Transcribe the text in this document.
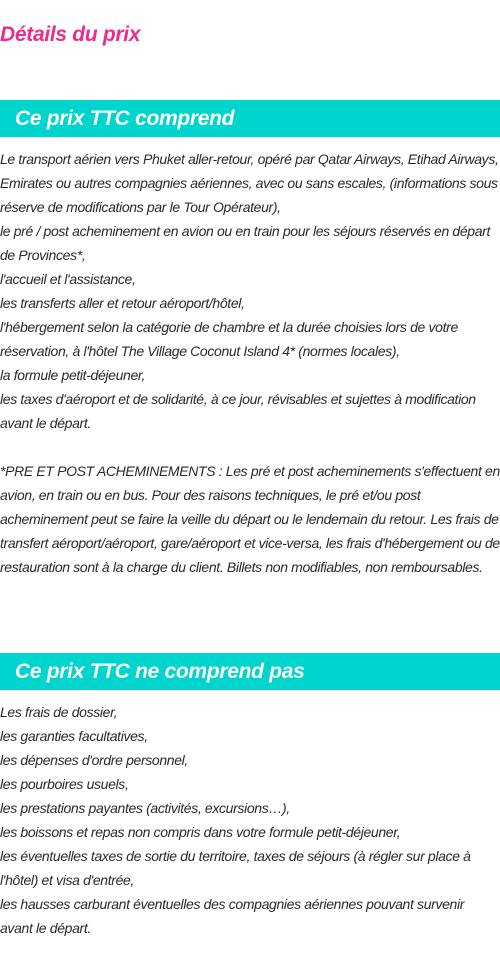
Détails du prix
Ce prix TTC comprend

Le transport aérien vers Phuket aller-retour, opéré par Qatar Airways, Etihad Airways, Emirates ou autres compagnies aériennes, avec ou sans escales, (informations sous réserve de modifications par le Tour Opérateur),

le pré / post acheminement en avion ou en train pour les séjours réservés en départ de Provinces*,

l'accueil et l'assistance,

les transferts aller et retour aéroport/hôtel,

l'hébergement selon la catégorie de chambre et la durée choisies lors de votre réservation, à l'hôtel The Village Coconut Island 4* (normes locales),

la formule petit-déjeuner,

les taxes d'aéroport et de solidarité, à ce jour, révisables et sujettes à modification avant le départ.

*PRE ET POST ACHEMINEMENTS : Les pré et post acheminements s'effectuent en avion, en train ou en bus. Pour des raisons techniques, le pré et/ou post acheminement peut se faire la veille du départ ou le lendemain du retour. Les frais de transfert aéroport/aéroport, gare/aéroport et vice-versa, les frais d'hébergement ou de restauration sont à la charge du client. Billets non modifiables, non remboursables.

Ce prix TTC ne comprend pas

Les frais de dossier,

les garanties facultatives,

les dépenses d'ordre personnel,

les pourboires usuels,

les prestations payantes (activités, excursions…),

les boissons et repas non compris dans votre formule petit-déjeuner,

les éventuelles taxes de sortie du territoire, taxes de séjours (à régler sur place à l'hôtel) et visa d'entrée,

les hausses carburant éventuelles des compagnies aériennes pouvant survenir avant le départ.
